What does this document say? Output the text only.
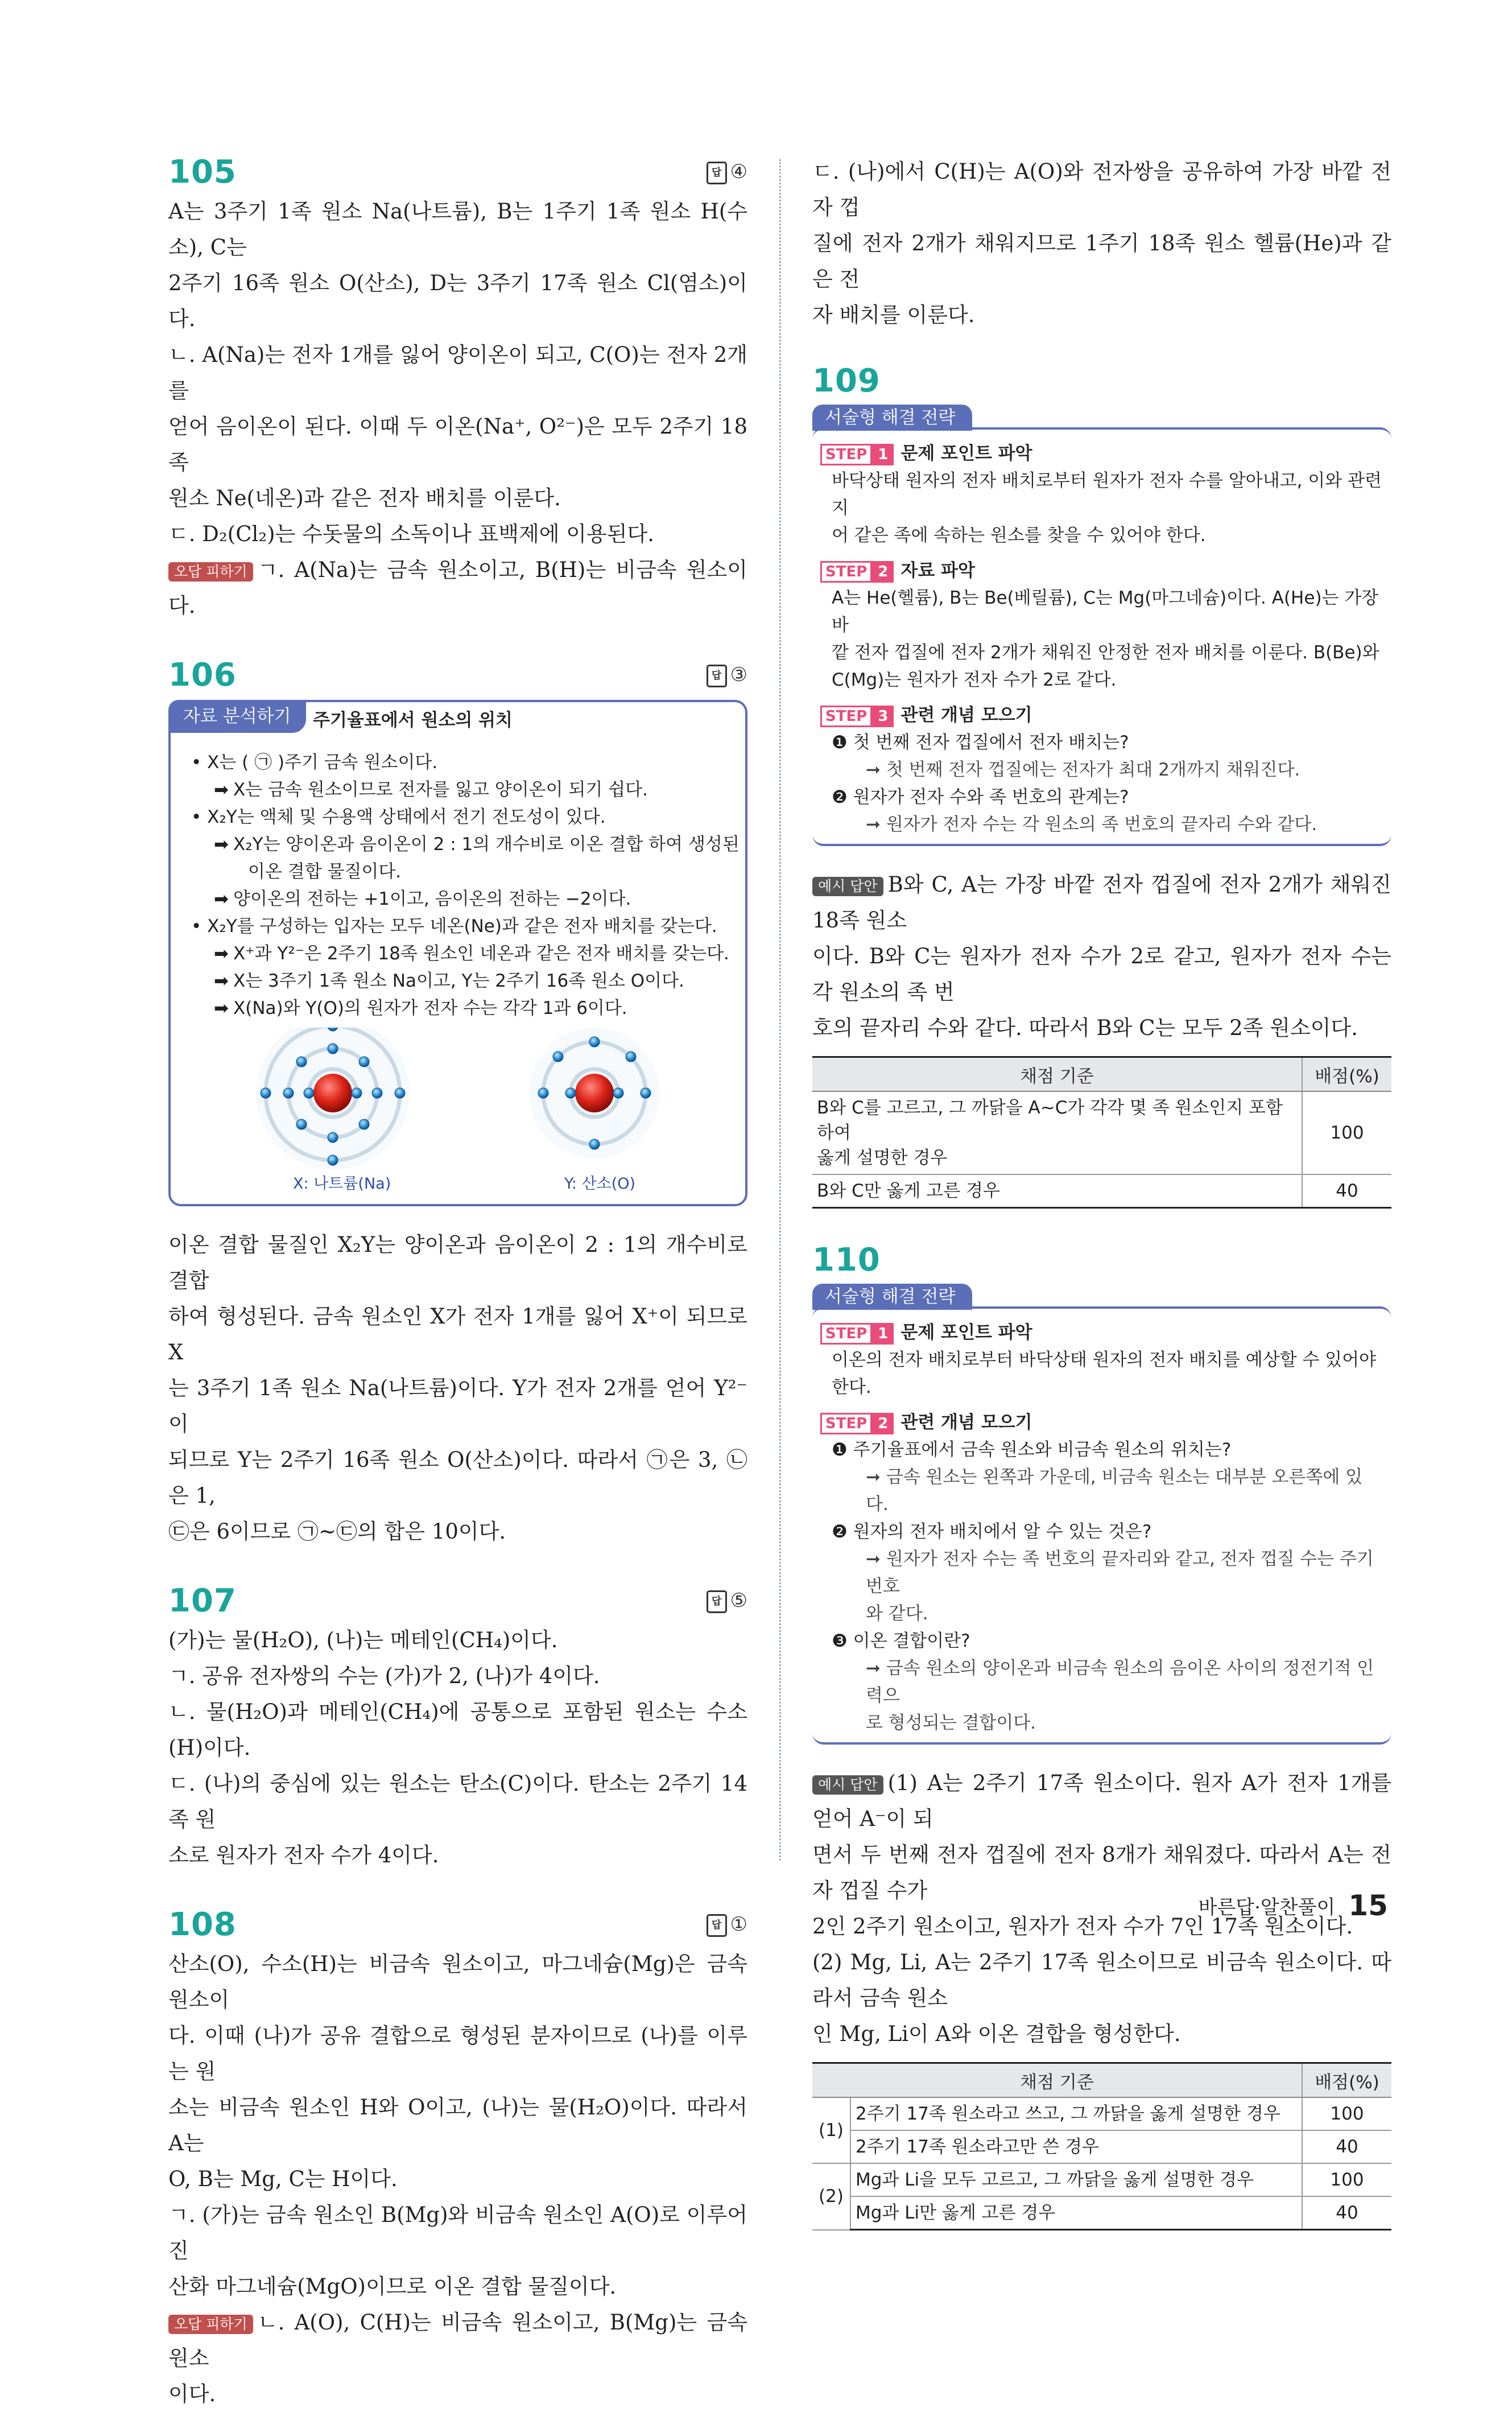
105	답 ④

A는 3주기 1족 원소 Na(나트륨), B는 1주기 1족 원소 H(수소), C는

2주기 16족 원소 O(산소), D는 3주기 17족 원소 Cl(염소)이다.

ㄴ. A(Na)는 전자 1개를 잃어 양이온이 되고, C(O)는 전자 2개를

얻어 음이온이 된다. 이때 두 이온(Na⁺, O²⁻)은 모두 2주기 18족

원소 Ne(네온)과 같은 전자 배치를 이룬다.

ㄷ. D₂(Cl₂)는 수돗물의 소독이나 표백제에 이용된다.

오답 피하기 ㄱ. A(Na)는 금속 원소이고, B(H)는 비금속 원소이다.

106	답 ③
자료 분석하기	주기율표에서 원소의 위치
• X는 ( ㉠ )주기 금속 원소이다.
➡ X는 금속 원소이므로 전자를 잃고 양이온이 되기 쉽다.
• X₂Y는 액체 및 수용액 상태에서 전기 전도성이 있다.
➡ X₂Y는 양이온과 음이온이 2 : 1의 개수비로 이온 결합 하여 생성된
이온 결합 물질이다.
➡ 양이온의 전하는 +1이고, 음이온의 전하는 −2이다.
• X₂Y를 구성하는 입자는 모두 네온(Ne)과 같은 전자 배치를 갖는다.
➡ X⁺과 Y²⁻은 2주기 18족 원소인 네온과 같은 전자 배치를 갖는다.
➡ X는 3주기 1족 원소 Na이고, Y는 2주기 16족 원소 O이다.
➡ X(Na)와 Y(O)의 원자가 전자 수는 각각 1과 6이다.
X: 나트륨(Na)	Y: 산소(O)

이온 결합 물질인 X₂Y는 양이온과 음이온이 2 : 1의 개수비로 결합

하여 형성된다. 금속 원소인 X가 전자 1개를 잃어 X⁺이 되므로 X

는 3주기 1족 원소 Na(나트륨)이다. Y가 전자 2개를 얻어 Y²⁻이

되므로 Y는 2주기 16족 원소 O(산소)이다. 따라서 ㉠은 3, ㉡은 1,

㉢은 6이므로 ㉠~㉢의 합은 10이다.

107	답 ⑤

(가)는 물(H₂O), (나)는 메테인(CH₄)이다.

ㄱ. 공유 전자쌍의 수는 (가)가 2, (나)가 4이다.

ㄴ. 물(H₂O)과 메테인(CH₄)에 공통으로 포함된 원소는 수소(H)이다.

ㄷ. (나)의 중심에 있는 원소는 탄소(C)이다. 탄소는 2주기 14족 원

소로 원자가 전자 수가 4이다.

108	답 ①

산소(O), 수소(H)는 비금속 원소이고, 마그네슘(Mg)은 금속 원소이

다. 이때 (나)가 공유 결합으로 형성된 분자이므로 (나)를 이루는 원

소는 비금속 원소인 H와 O이고, (나)는 물(H₂O)이다. 따라서 A는

O, B는 Mg, C는 H이다.

ㄱ. (가)는 금속 원소인 B(Mg)와 비금속 원소인 A(O)로 이루어진

산화 마그네슘(MgO)이므로 이온 결합 물질이다.

오답 피하기 ㄴ. A(O), C(H)는 비금속 원소이고, B(Mg)는 금속 원소

이다.

ㄷ. (나)에서 C(H)는 A(O)와 전자쌍을 공유하여 가장 바깥 전자 껍

질에 전자 2개가 채워지므로 1주기 18족 원소 헬륨(He)과 같은 전

자 배치를 이룬다.

109
서술형 해결 전략
STEP 1 문제 포인트 파악
바닥상태 원자의 전자 배치로부터 원자가 전자 수를 알아내고, 이와 관련지
어 같은 족에 속하는 원소를 찾을 수 있어야 한다.
STEP 2 자료 파악
A는 He(헬륨), B는 Be(베릴륨), C는 Mg(마그네슘)이다. A(He)는 가장 바
깥 전자 껍질에 전자 2개가 채워진 안정한 전자 배치를 이룬다. B(Be)와
C(Mg)는 원자가 전자 수가 2로 같다.
STEP 3 관련 개념 모으기
❶ 첫 번째 전자 껍질에서 전자 배치는?
➞ 첫 번째 전자 껍질에는 전자가 최대 2개까지 채워진다.
❷ 원자가 전자 수와 족 번호의 관계는?
➞ 원자가 전자 수는 각 원소의 족 번호의 끝자리 수와 같다.

예시 답안 B와 C, A는 가장 바깥 전자 껍질에 전자 2개가 채워진 18족 원소

이다. B와 C는 원자가 전자 수가 2로 같고, 원자가 전자 수는 각 원소의 족 번

호의 끝자리 수와 같다. 따라서 B와 C는 모두 2족 원소이다.

채점 기준	배점(%)

B와 C를 고르고, 그 까닭을 A~C가 각각 몇 족 원소인지 포함하여
옳게 설명한 경우	100
B와 C만 옳게 고른 경우	40
110
서술형 해결 전략
STEP 1 문제 포인트 파악
이온의 전자 배치로부터 바닥상태 원자의 전자 배치를 예상할 수 있어야 한다.
STEP 2 관련 개념 모으기
❶ 주기율표에서 금속 원소와 비금속 원소의 위치는?
➞ 금속 원소는 왼쪽과 가운데, 비금속 원소는 대부분 오른쪽에 있다.
❷ 원자의 전자 배치에서 알 수 있는 것은?
➞ 원자가 전자 수는 족 번호의 끝자리와 같고, 전자 껍질 수는 주기 번호
와 같다.
❸ 이온 결합이란?
➞ 금속 원소의 양이온과 비금속 원소의 음이온 사이의 정전기적 인력으
로 형성되는 결합이다.

예시 답안 (1) A는 2주기 17족 원소이다. 원자 A가 전자 1개를 얻어 A⁻이 되

면서 두 번째 전자 껍질에 전자 8개가 채워졌다. 따라서 A는 전자 껍질 수가

2인 2주기 원소이고, 원자가 전자 수가 7인 17족 원소이다.

(2) Mg, Li, A는 2주기 17족 원소이므로 비금속 원소이다. 따라서 금속 원소

인 Mg, Li이 A와 이온 결합을 형성한다.

채점 기준		배점(%)
(1)	2주기 17족 원소라고 쓰고, 그 까닭을 옳게 설명한 경우	100
	2주기 17족 원소라고만 쓴 경우	40
(2)	Mg과 Li을 모두 고르고, 그 까닭을 옳게 설명한 경우	100
	Mg과 Li만 옳게 고른 경우	40
바른답·알찬풀이 15
